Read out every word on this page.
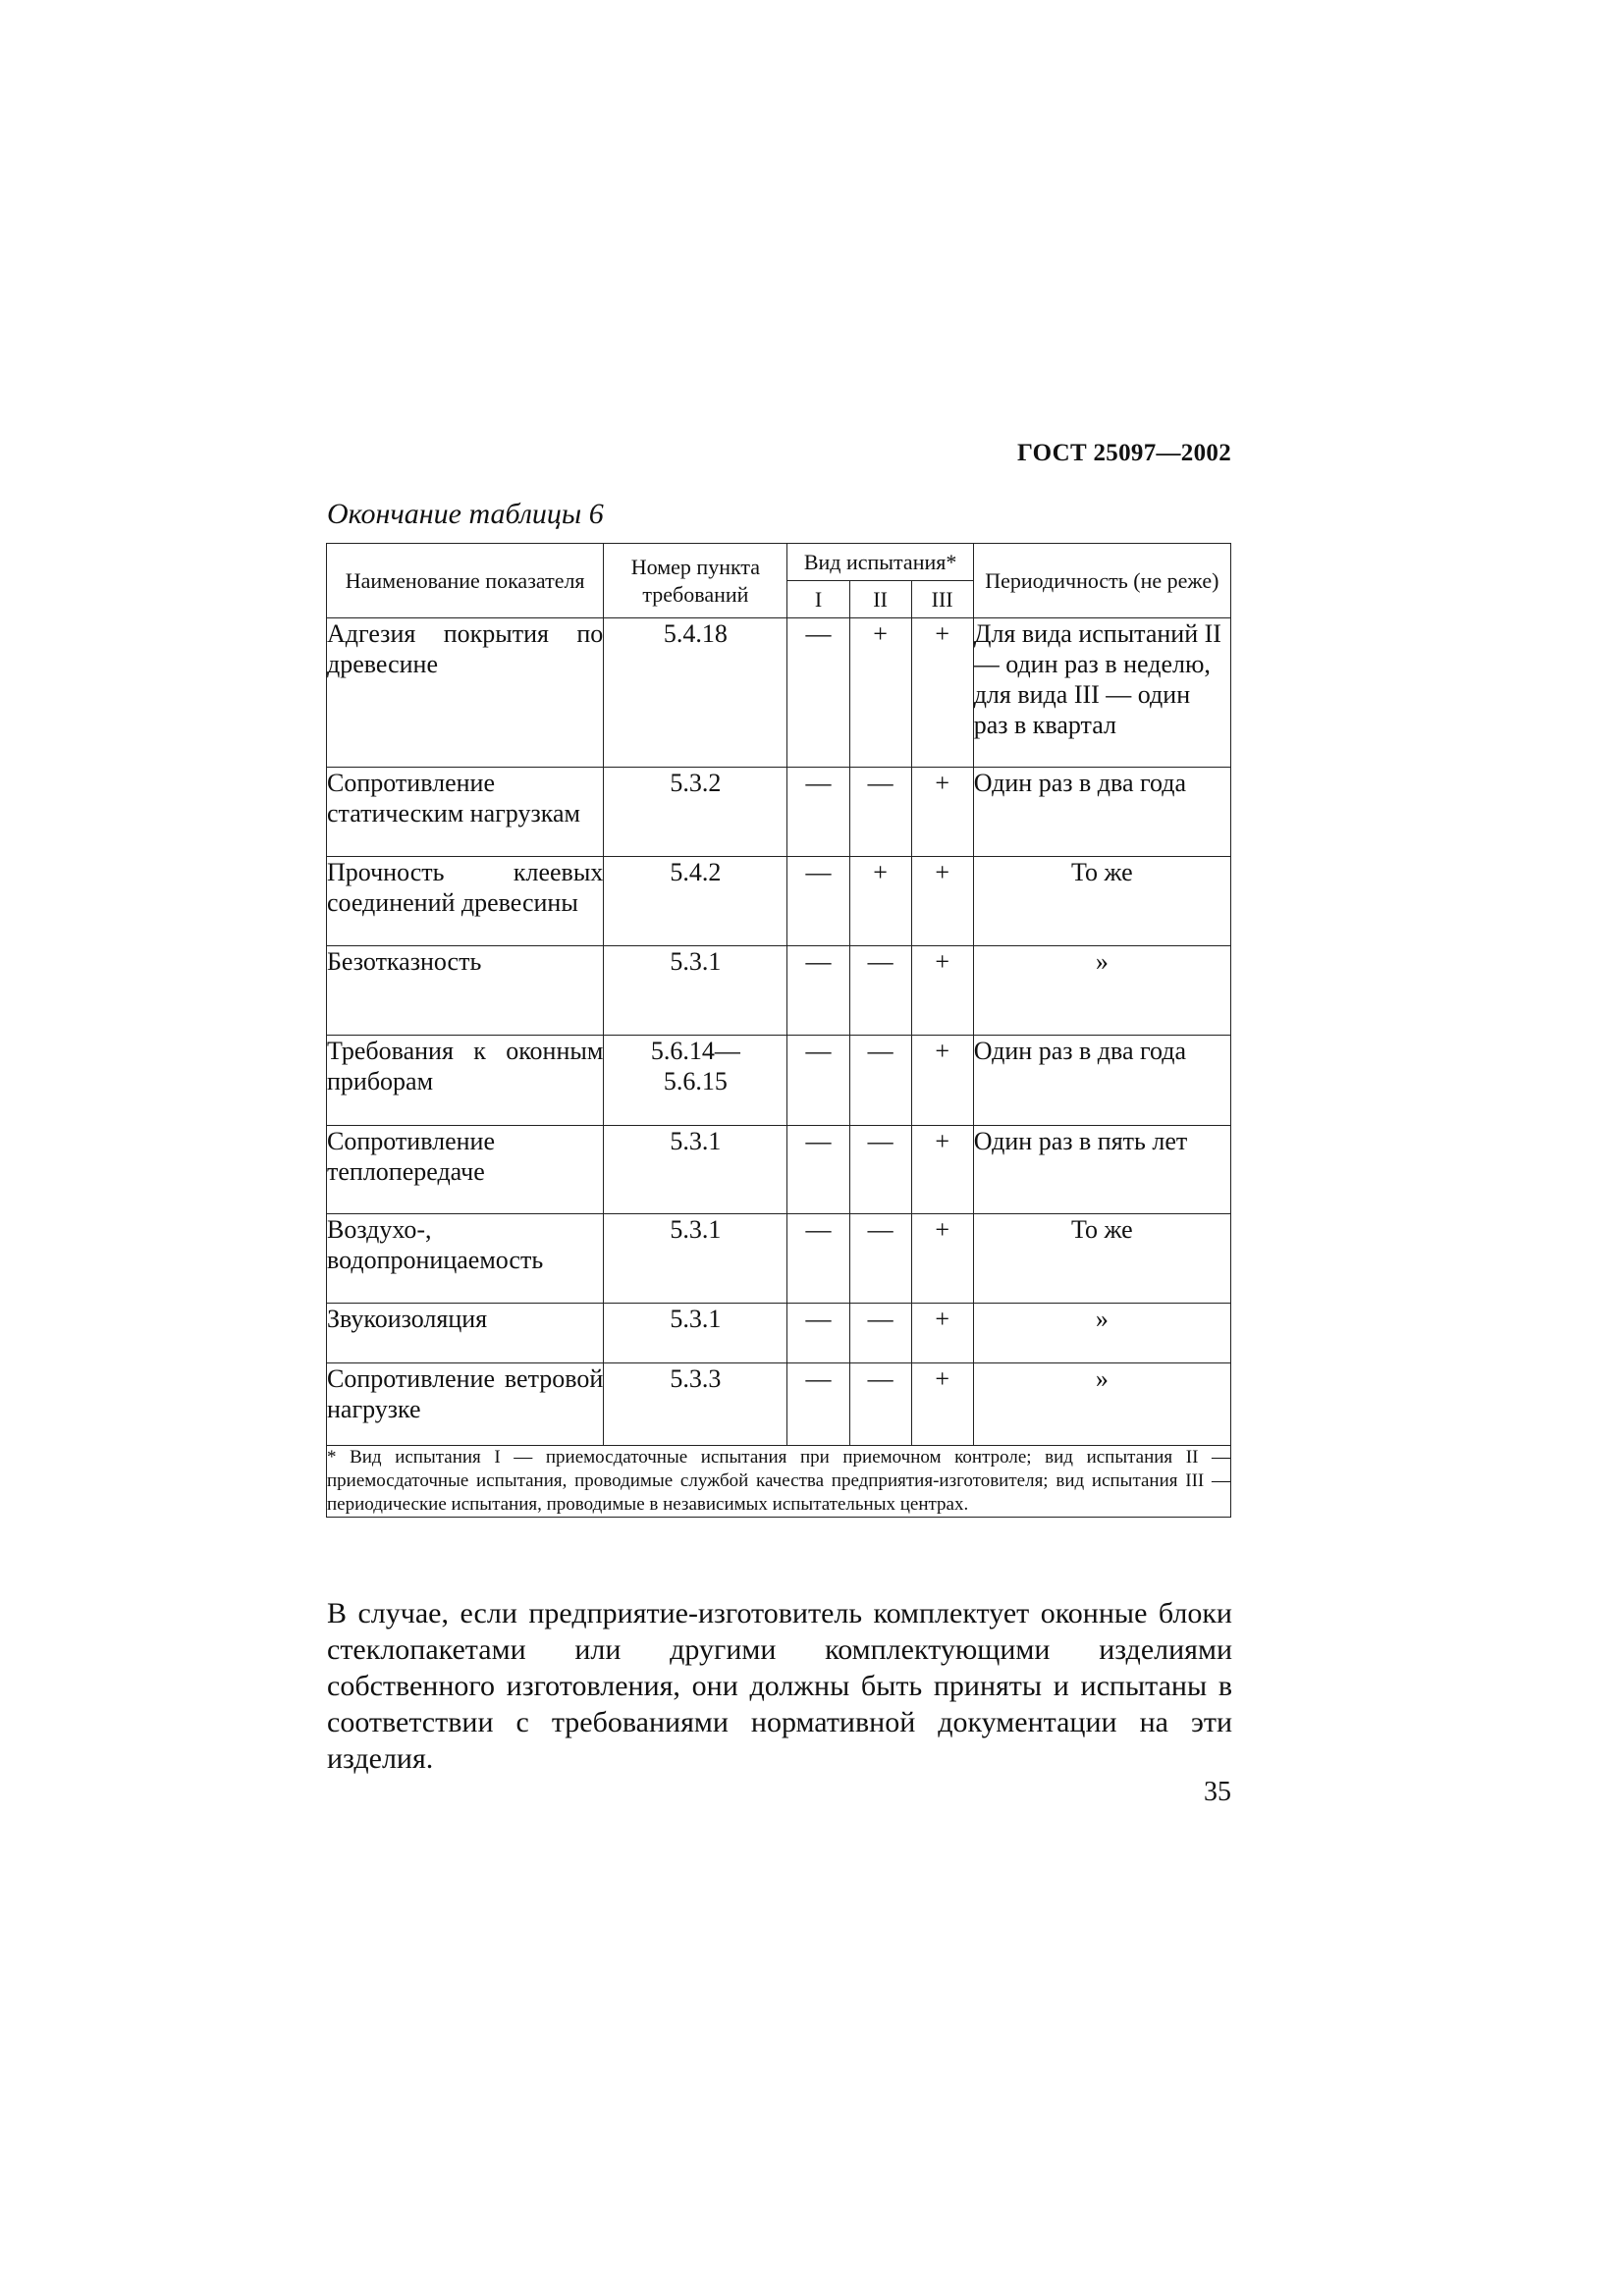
ГОСТ 25097—2002
Окончание таблицы 6
Наименование показателя	Номер пункта требований	Вид испытания*			Периодичность (не реже)
		I	II	III	
Адгезия покрытия по древесине	5.4.18	—	+	+	Для вида испытаний II — один раз в неделю, для вида III — один раз в квартал
Сопротивление статическим нагрузкам	5.3.2	—	—	+	Один раз в два года
Прочность клеевых соединений древесины	5.4.2	—	+	+	То же
Безотказность	5.3.1	—	—	+	»
Требования к оконным приборам	5.6.14—5.6.15	—	—	+	Один раз в два года
Сопротивление теплопередаче	5.3.1	—	—	+	Один раз в пять лет
Воздухо-, водопроницаемость	5.3.1	—	—	+	То же
Звукоизоляция	5.3.1	—	—	+	»
Сопротивление ветровой нагрузке	5.3.3	—	—	+	»
* Вид испытания I — приемосдаточные испытания при приемочном контроле; вид испытания II — приемосдаточные испытания, проводимые службой качества предприятия-изготовителя; вид испытания III — периодические испытания, проводимые в независимых испытательных центрах.					
В случае, если предприятие-изготовитель комплектует оконные блоки стеклопакетами или другими комплектующими изделиями собственного изготовления, они должны быть приняты и испытаны в соответствии с требованиями нормативной документации на эти изделия.
35
